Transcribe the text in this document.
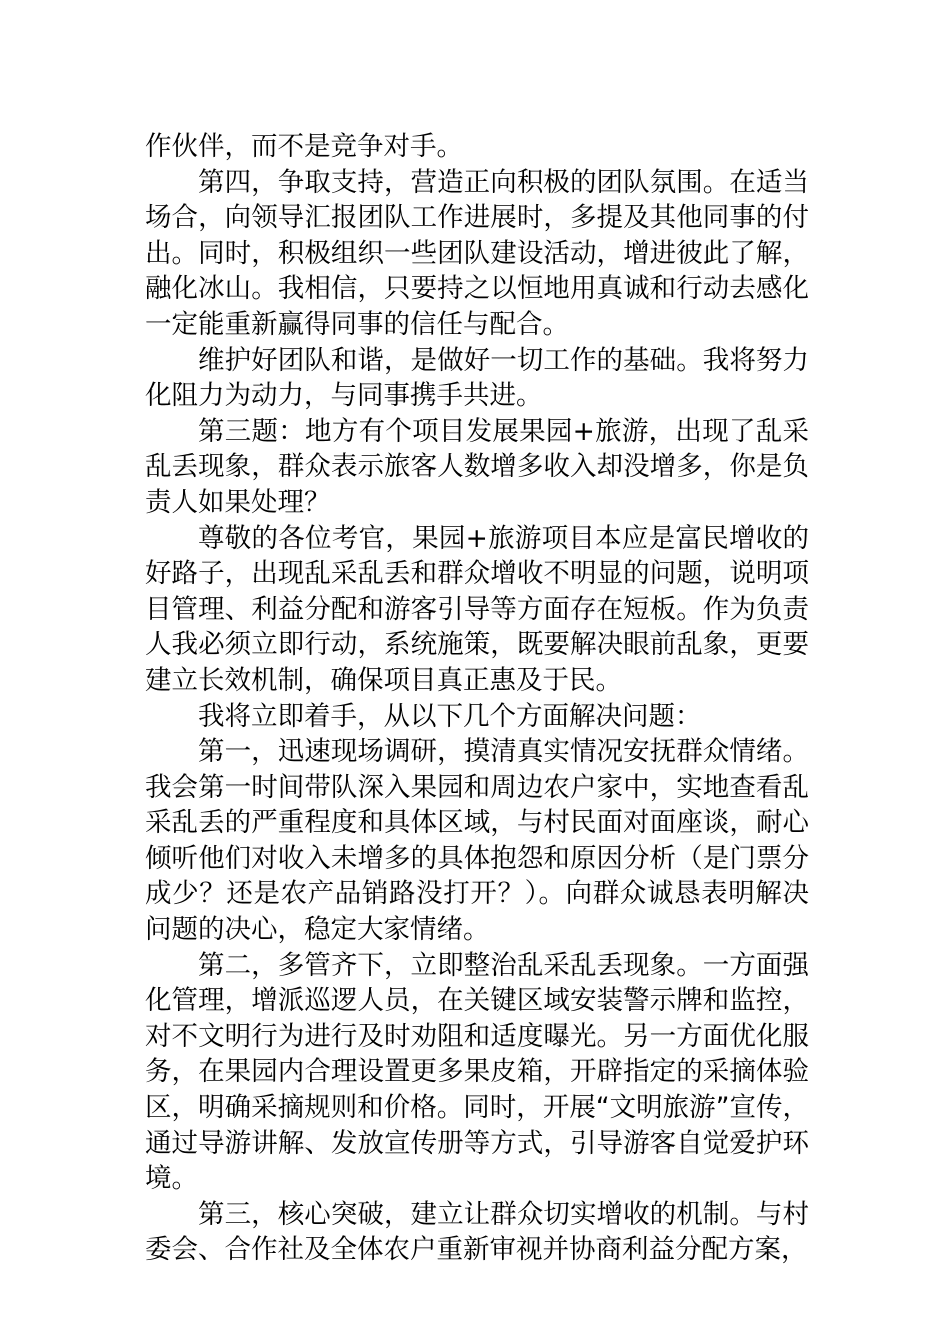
作伙伴，而不是竞争对手。

第四，争取支持，营造正向积极的团队氛围。在适当场合，向领导汇报团队工作进展时，多提及其他同事的付出。同时，积极组织一些团队建设活动，增进彼此了解，融化冰山。我相信，只要持之以恒地用真诚和行动去感化一定能重新赢得同事的信任与配合。

维护好团队和谐，是做好一切工作的基础。我将努力化阻力为动力，与同事携手共进。

第三题：地方有个项目发展果园+旅游，出现了乱采乱丢现象，群众表示旅客人数增多收入却没增多，你是负责人如果处理？

尊敬的各位考官，果园+旅游项目本应是富民增收的好路子，出现乱采乱丢和群众增收不明显的问题，说明项目管理、利益分配和游客引导等方面存在短板。作为负责人我必须立即行动，系统施策，既要解决眼前乱象，更要建立长效机制，确保项目真正惠及于民。

我将立即着手，从以下几个方面解决问题：

第一，迅速现场调研，摸清真实情况安抚群众情绪。我会第一时间带队深入果园和周边农户家中，实地查看乱采乱丢的严重程度和具体区域，与村民面对面座谈，耐心倾听他们对收入未增多的具体抱怨和原因分析（是门票分成少？还是农产品销路没打开？）。向群众诚恳表明解决问题的决心，稳定大家情绪。

第二，多管齐下，立即整治乱采乱丢现象。一方面强化管理，增派巡逻人员，在关键区域安装警示牌和监控，对不文明行为进行及时劝阻和适度曝光。另一方面优化服务，在果园内合理设置更多果皮箱，开辟指定的采摘体验区，明确采摘规则和价格。同时，开展“文明旅游”宣传，通过导游讲解、发放宣传册等方式，引导游客自觉爱护环境。

第三，核心突破，建立让群众切实增收的机制。与村委会、合作社及全体农户重新审视并协商利益分配方案，
